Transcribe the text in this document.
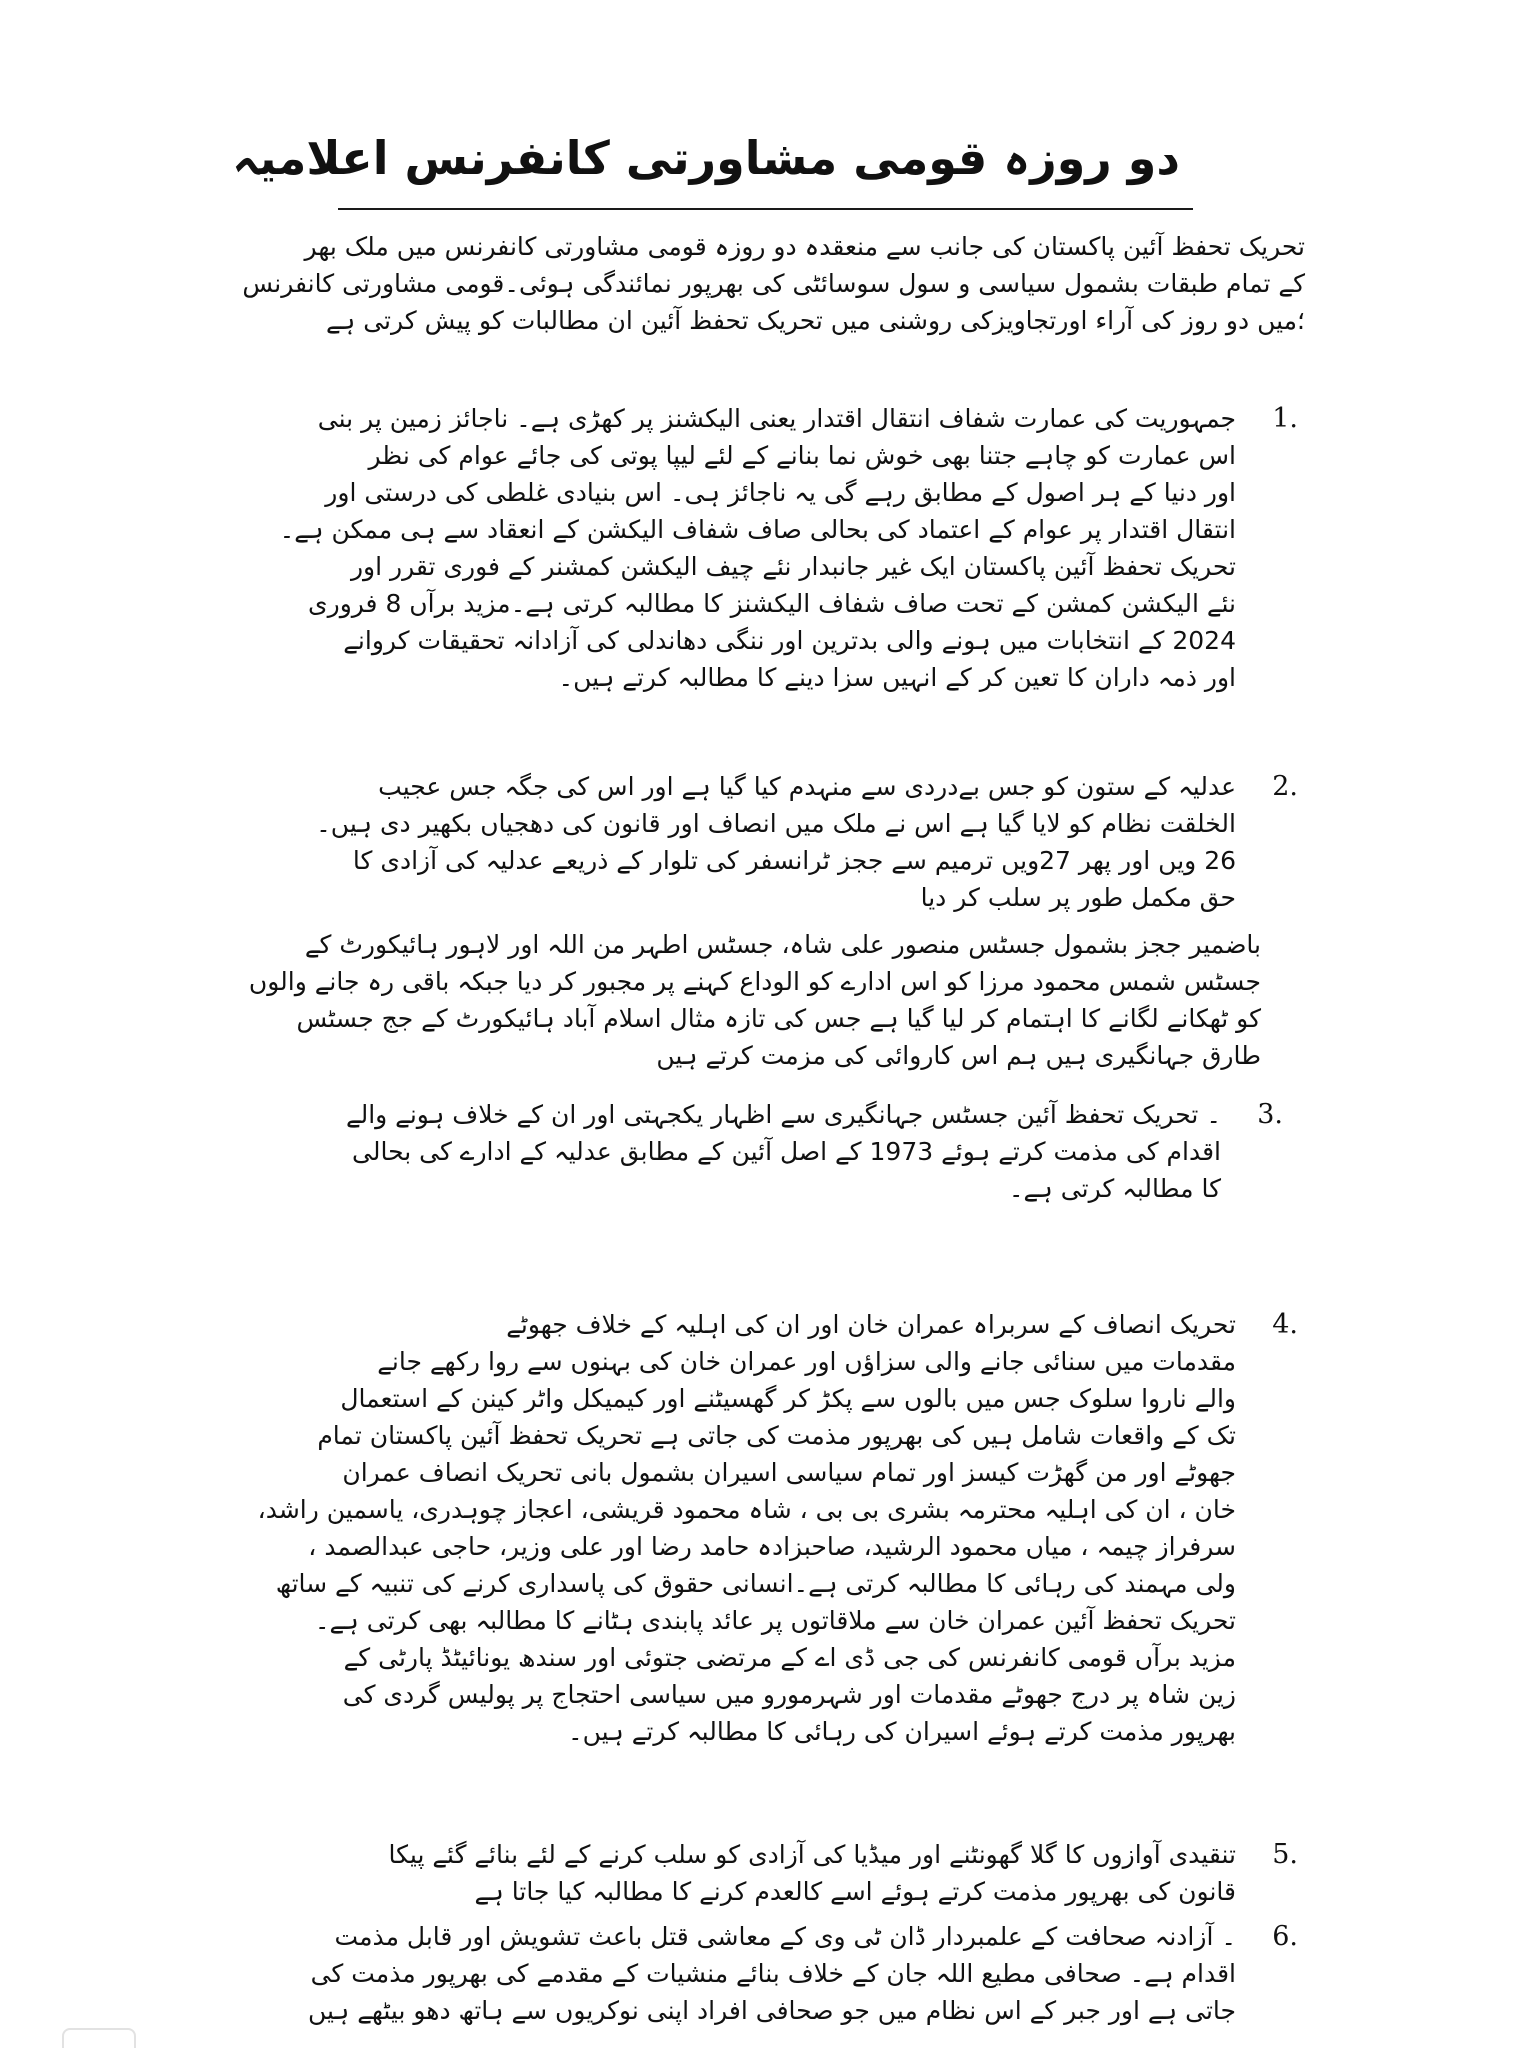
دو روزہ قومی مشاورتی کانفرنس اعلامیہ
تحریک تحفظ آئین پاکستان کی جانب سے منعقدہ دو روزہ قومی مشاورتی کانفرنس میں ملک بھر
کے تمام طبقات بشمول سیاسی و سول سوسائٹی کی بھرپور نمائندگی ہوئی۔قومی مشاورتی کانفرنس
؛میں دو روز کی آراء اورتجاویزکی روشنی میں تحریک تحفظ آئین ان مطالبات کو پیش کرتی ہے
1.
جمہوریت کی عمارت شفاف انتقال اقتدار یعنی الیکشنز پر کھڑی ہے۔ ناجائز زمین پر بنی
اس عمارت کو چاہے جتنا بھی خوش نما بنانے کے لئے لیپا پوتی کی جائے عوام کی نظر
اور دنیا کے ہر اصول کے مطابق رہے گی یہ ناجائز ہی۔ اس بنیادی غلطی کی درستی اور
انتقال اقتدار پر عوام کے اعتماد کی بحالی صاف شفاف الیکشن کے انعقاد سے ہی ممکن ہے۔
تحریک تحفظ آئین پاکستان ایک غیر جانبدار نئے چیف الیکشن کمشنر کے فوری تقرر اور
نئے الیکشن کمشن کے تحت صاف شفاف الیکشنز کا مطالبہ کرتی ہے۔مزید برآں 8 فروری
2024 کے انتخابات میں ہونے والی بدترین اور ننگی دھاندلی کی آزادانہ تحقیقات کروانے
اور ذمہ داران کا تعین کر کے انہیں سزا دینے کا مطالبہ کرتے ہیں۔
2.
عدلیہ کے ستون کو جس بےدردی سے منہدم کیا گیا ہے اور اس کی جگہ جس عجیب
الخلقت نظام کو لایا گیا ہے اس نے ملک میں انصاف اور قانون کی دھجیاں بکھیر دی ہیں۔
26 ویں اور پھر 27ویں ترمیم سے ججز ٹرانسفر کی تلوار کے ذریعے عدلیہ کی آزادی کا
حق مکمل طور پر سلب کر دیا
باضمیر ججز بشمول جسٹس منصور علی شاہ، جسٹس اطہر من اللہ اور لاہور ہائیکورٹ کے
جسٹس شمس محمود مرزا کو اس ادارے کو الوداع کہنے پر مجبور کر دیا جبکہ باقی رہ جانے والوں
کو ٹھکانے لگانے کا اہتمام کر لیا گیا ہے جس کی تازہ مثال اسلام آباد ہائیکورٹ کے جج جسٹس
طارق جہانگیری ہیں ہم اس کاروائی کی مزمت کرتے ہیں
3.
۔ تحریک تحفظ آئین جسٹس جہانگیری سے اظہار یکجہتی اور ان کے خلاف ہونے والے
اقدام کی مذمت کرتے ہوئے 1973 کے اصل آئین کے مطابق عدلیہ کے ادارے کی بحالی
کا مطالبہ کرتی ہے۔
4.
تحریک انصاف کے سربراہ عمران خان اور ان کی اہلیہ کے خلاف جھوٹے
مقدمات میں سنائی جانے والی سزاؤں اور عمران خان کی بہنوں سے روا رکھے جانے
والے ناروا سلوک جس میں بالوں سے پکڑ کر گھسیٹنے اور کیمیکل واٹر کینن کے استعمال
تک کے واقعات شامل ہیں کی بھرپور مذمت کی جاتی ہے تحریک تحفظ آئین پاکستان تمام
جھوٹے اور من گھڑت کیسز اور تمام سیاسی اسیران بشمول بانی تحریک انصاف عمران
خان ، ان کی اہلیہ محترمہ بشری بی بی ، شاہ محمود قریشی، اعجاز چوہدری، یاسمین راشد،
سرفراز چیمہ ، میاں محمود الرشید، صاحبزادہ حامد رضا اور علی وزیر، حاجی عبدالصمد ،
ولی مہمند کی رہائی کا مطالبہ کرتی ہے۔انسانی حقوق کی پاسداری کرنے کی تنبیہ کے ساتھ
تحریک تحفظ آئین عمران خان سے ملاقاتوں پر عائد پابندی ہٹانے کا مطالبہ بھی کرتی ہے۔
مزید برآں قومی کانفرنس کی جی ڈی اے کے مرتضی جتوئی اور سندھ یونائیٹڈ پارٹی کے
زین شاہ پر درج جھوٹے مقدمات اور شہرمورو میں سیاسی احتجاج پر پولیس گردی کی
بھرپور مذمت کرتے ہوئے اسیران کی رہائی کا مطالبہ کرتے ہیں۔
5.
تنقیدی آوازوں کا گلا گھونٹنے اور میڈیا کی آزادی کو سلب کرنے کے لئے بنائے گئے پیکا
قانون کی بھرپور مذمت کرتے ہوئے اسے کالعدم کرنے کا مطالبہ کیا جاتا ہے
6.
۔ آزادنہ صحافت کے علمبردار ڈان ٹی وی کے معاشی قتل باعث تشویش اور قابل مذمت
اقدام ہے۔ صحافی مطیع اللہ جان کے خلاف بنائے منشیات کے مقدمے کی بھرپور مذمت کی
جاتی ہے اور جبر کے اس نظام میں جو صحافی افراد اپنی نوکریوں سے ہاتھ دھو بیٹھے ہیں
